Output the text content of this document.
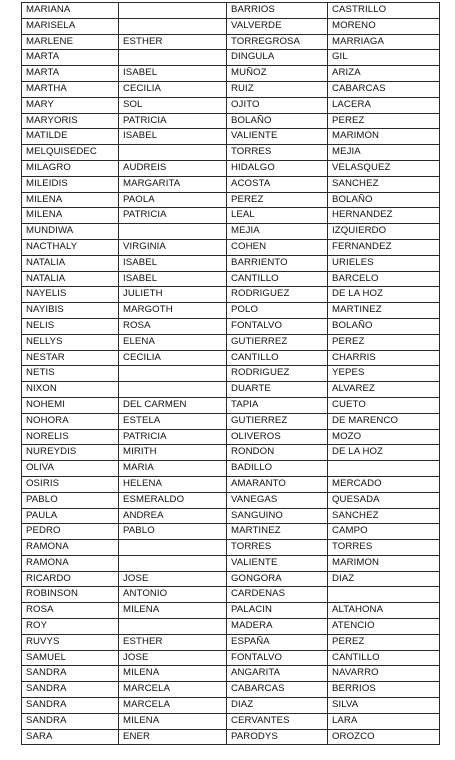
MARIANA		BARRIOS	CASTRILLO
MARISELA		VALVERDE	MORENO
MARLENE	ESTHER	TORREGROSA	MARRIAGA
MARTA		DINGULA	GIL
MARTA	ISABEL	MUÑOZ	ARIZA
MARTHA	CECILIA	RUIZ	CABARCAS
MARY	SOL	OJITO	LACERA
MARYORIS	PATRICIA	BOLAÑO	PEREZ
MATILDE	ISABEL	VALIENTE	MARIMON
MELQUISEDEC		TORRES	MEJIA
MILAGRO	AUDREIS	HIDALGO	VELASQUEZ
MILEIDIS	MARGARITA	ACOSTA	SANCHEZ
MILENA	PAOLA	PEREZ	BOLAÑO
MILENA	PATRICIA	LEAL	HERNANDEZ
MUNDIWA		MEJIA	IZQUIERDO
NACTHALY	VIRGINIA	COHEN	FERNANDEZ
NATALIA	ISABEL	BARRIENTO	URIELES
NATALIA	ISABEL	CANTILLO	BARCELO
NAYELIS	JULIETH	RODRIGUEZ	DE LA HOZ
NAYIBIS	MARGOTH	POLO	MARTINEZ
NELIS	ROSA	FONTALVO	BOLAÑO
NELLYS	ELENA	GUTIERREZ	PEREZ
NESTAR	CECILIA	CANTILLO	CHARRIS
NETIS		RODRIGUEZ	YEPES
NIXON		DUARTE	ALVAREZ
NOHEMI	DEL CARMEN	TAPIA	CUETO
NOHORA	ESTELA	GUTIERREZ	DE MARENCO
NORELIS	PATRICIA	OLIVEROS	MOZO
NUREYDIS	MIRITH	RONDON	DE LA HOZ
OLIVA	MARIA	BADILLO	
OSIRIS	HELENA	AMARANTO	MERCADO
PABLO	ESMERALDO	VANEGAS	QUESADA
PAULA	ANDREA	SANGUINO	SANCHEZ
PEDRO	PABLO	MARTINEZ	CAMPO
RAMONA		TORRES	TORRES
RAMONA		VALIENTE	MARIMON
RICARDO	JOSE	GONGORA	DIAZ
ROBINSON	ANTONIO	CARDENAS	
ROSA	MILENA	PALACIN	ALTAHONA
ROY		MADERA	ATENCIO
RUVYS	ESTHER	ESPAÑA	PEREZ
SAMUEL	JOSE	FONTALVO	CANTILLO
SANDRA	MILENA	ANGARITA	NAVARRO
SANDRA	MARCELA	CABARCAS	BERRIOS
SANDRA	MARCELA	DIAZ	SILVA
SANDRA	MILENA	CERVANTES	LARA
SARA	ENER	PARODYS	OROZCO
